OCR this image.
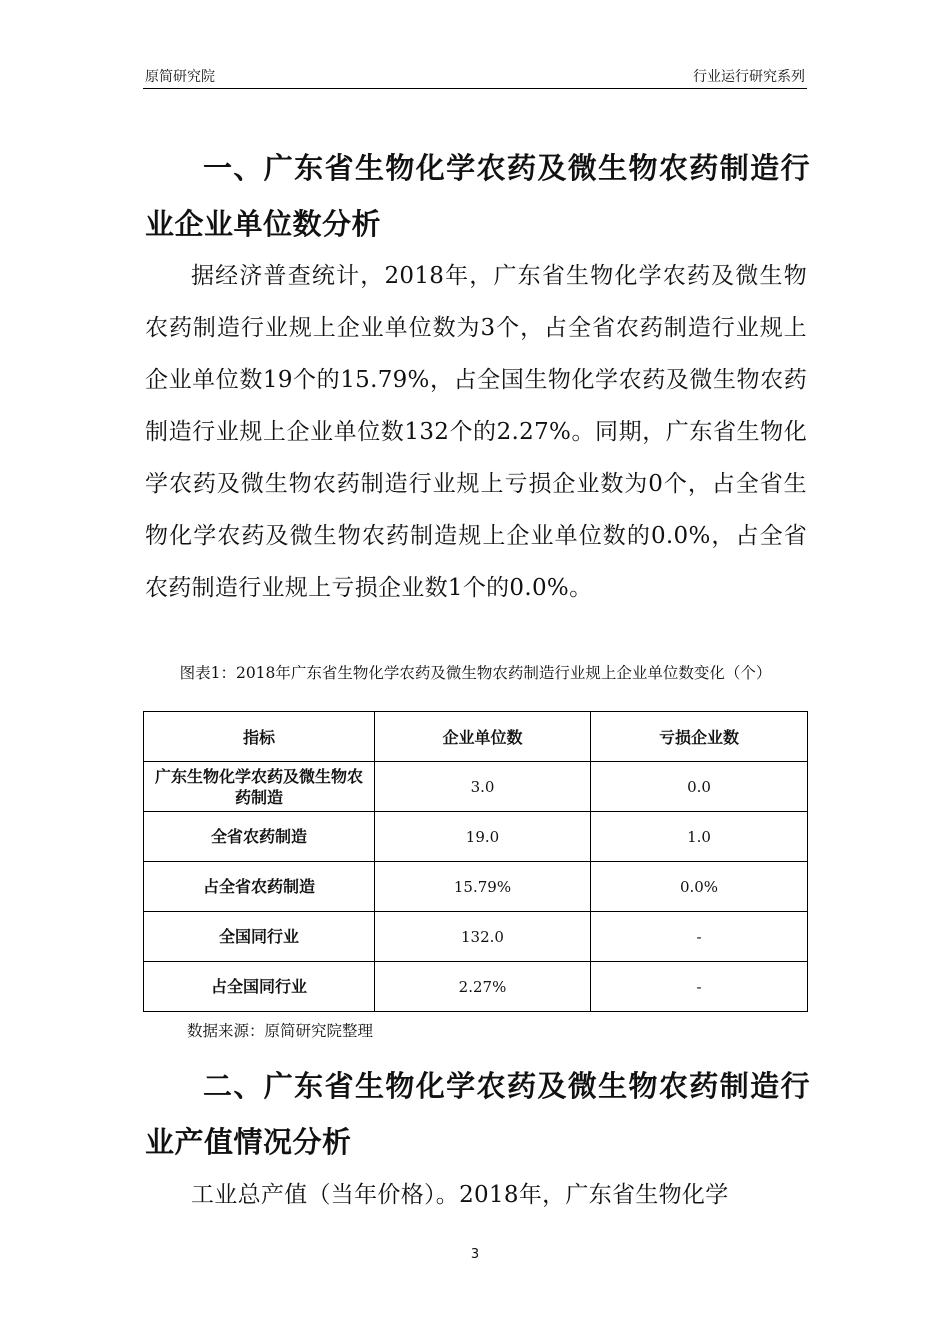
原简研究院	行业运行研究系列
一、广东省生物化学农药及微生物农药制造行业企业单位数分析
据经济普查统计，2018年，广东省生物化学农药及微生物农药制造行业规上企业单位数为3个，占全省农药制造行业规上企业单位数19个的15.79%，占全国生物化学农药及微生物农药制造行业规上企业单位数132个的2.27%。同期，广东省生物化学农药及微生物农药制造行业规上亏损企业数为0个，占全省生物化学农药及微生物农药制造规上企业单位数的0.0%，占全省农药制造行业规上亏损企业数1个的0.0%。
图表1：2018年广东省生物化学农药及微生物农药制造行业规上企业单位数变化（个）
指标	企业单位数	亏损企业数
广东生物化学农药及微生物农药制造	3.0	0.0
全省农药制造	19.0	1.0
占全省农药制造	15.79%	0.0%
全国同行业	132.0	-
占全国同行业	2.27%	-
数据来源：原简研究院整理
二、广东省生物化学农药及微生物农药制造行业产值情况分析
工业总产值（当年价格）。2018年，广东省生物化学
3
